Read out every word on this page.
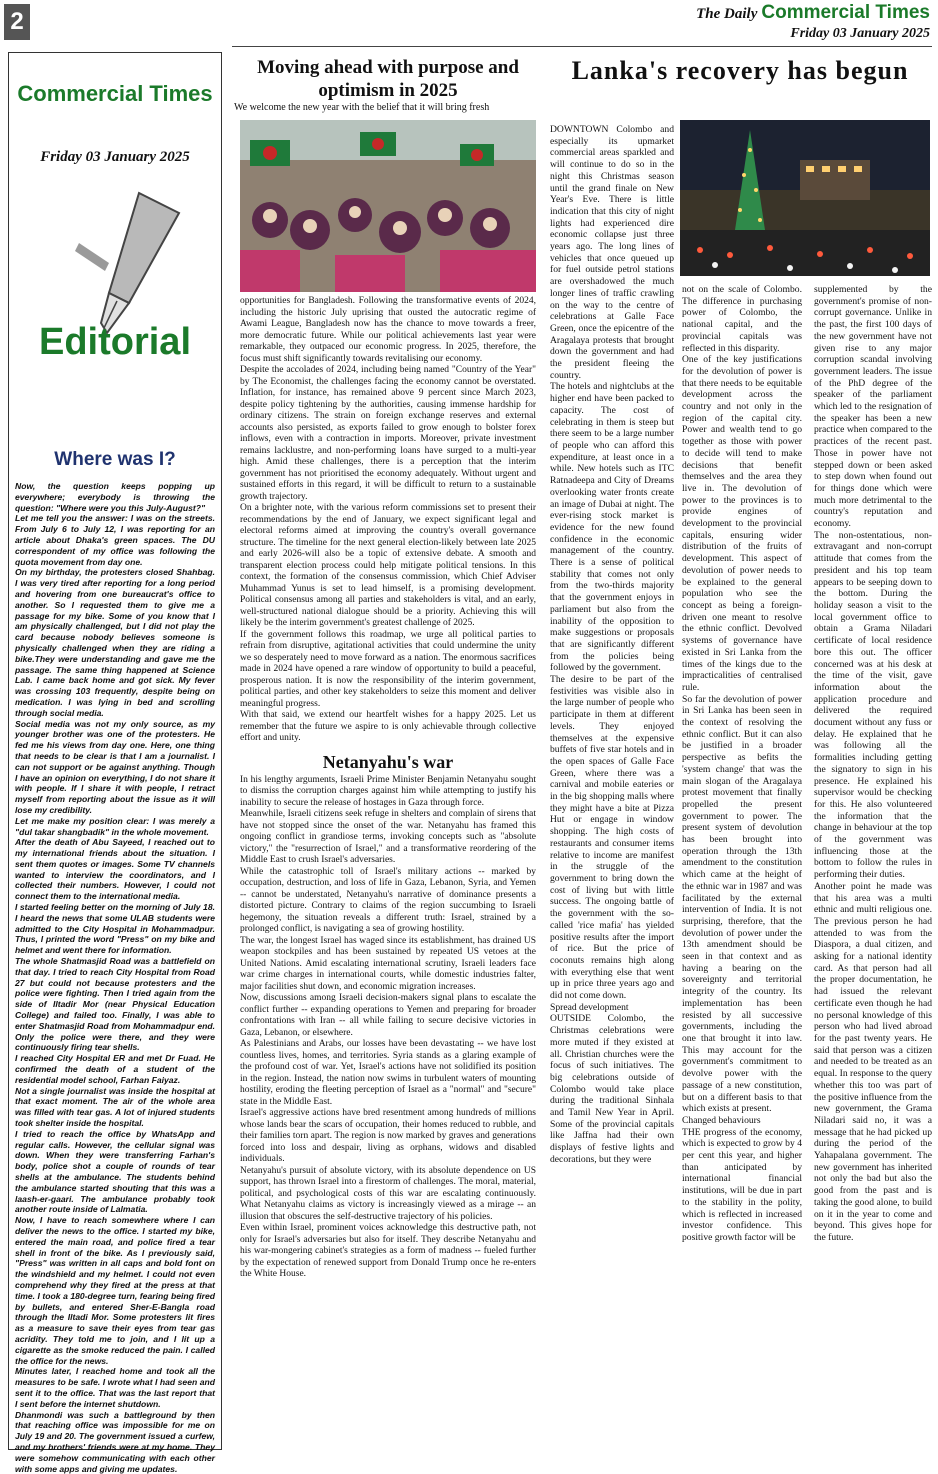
2	The Daily Commercial Times
Friday 03 January 2025
Commercial Times
Friday 03 January 2025
Editorial
Where was I?

Now, the question keeps popping up everywhere; everybody is throwing the question: "Where were you this July-August?"

Let me tell you the answer: I was on the streets. From July 6 to July 12, I was reporting for an article about Dhaka's green spaces. The DU correspondent of my office was following the quota movement from day one.

On my birthday, the protesters closed Shahbag. I was very tired after reporting for a long period and hovering from one bureaucrat's office to another. So I requested them to give me a passage for my bike. Some of you know that I am physically challenged, but I did not play the card because nobody believes someone is physically challenged when they are riding a bike.They were understanding and gave me the passage. The same thing happened at Science Lab. I came back home and got sick. My fever was crossing 103 frequently, despite being on medication. I was lying in bed and scrolling through social media.

Social media was not my only source, as my younger brother was one of the protesters. He fed me his views from day one. Here, one thing that needs to be clear is that I am a journalist. I can not support or be against anything. Though I have an opinion on everything, I do not share it with people. If I share it with people, I retract myself from reporting about the issue as it will lose my credibility.

Let me make my position clear: I was merely a "dul takar shangbadik" in the whole movement.

After the death of Abu Sayeed, I reached out to my international friends about the situation. I sent them quotes or images. Some TV channels wanted to interview the coordinators, and I collected their numbers. However, I could not connect them to the international media.

I started feeling better on the morning of July 18. I heard the news that some ULAB students were admitted to the City Hospital in Mohammadpur. Thus, I printed the word "Press" on my bike and helmet and went there for information.

The whole Shatmasjid Road was a battlefield on that day. I tried to reach City Hospital from Road 27 but could not because protesters and the police were fighting. Then I tried again from the side of Iltadir Mor (near Physical Education College) and failed too. Finally, I was able to enter Shatmasjid Road from Mohammadpur end. Only the police were there, and they were continuously firing tear shells.

I reached City Hospital ER and met Dr Fuad. He confirmed the death of a student of the residential model school, Farhan Faiyaz.

Not a single journalist was inside the hospital at that exact moment. The air of the whole area was filled with tear gas. A lot of injured students took shelter inside the hospital.

I tried to reach the office by WhatsApp and regular calls. However, the cellular signal was down. When they were transferring Farhan's body, police shot a couple of rounds of tear shells at the ambulance. The students behind the ambulance started shouting that this was a laash-er-gaari. The ambulance probably took another route inside of Lalmatia.

Now, I have to reach somewhere where I can deliver the news to the office. I started my bike, entered the main road, and police fired a tear shell in front of the bike. As I previously said, "Press" was written in all caps and bold font on the windshield and my helmet. I could not even comprehend why they fired at the press at that time. I took a 180-degree turn, fearing being fired by bullets, and entered Sher-E-Bangla road through the Iltadi Mor. Some protesters lit fires as a measure to save their eyes from tear gas acridity. They told me to join, and I lit up a cigarette as the smoke reduced the pain. I called the office for the news.

Minutes later, I reached home and took all the measures to be safe. I wrote what I had seen and sent it to the office. That was the last report that I sent before the internet shutdown.

Dhanmondi was such a battleground by then that reaching office was impossible for me on July 19 and 20. The government issued a curfew, and my brothers' friends were at my home. They were somehow communicating with each other with some apps and giving me updates.

Moving ahead with purpose and optimism in 2025

We welcome the new year with the belief that it will bring fresh

opportunities for Bangladesh. Following the transformative events of 2024, including the historic July uprising that ousted the autocratic regime of Awami League, Bangladesh now has the chance to move towards a freer, more democratic future. While our political achievements last year were remarkable, they outpaced our economic progress. In 2025, therefore, the focus must shift significantly towards revitalising our economy.

Despite the accolades of 2024, including being named "Country of the Year" by The Economist, the challenges facing the economy cannot be overstated. Inflation, for instance, has remained above 9 percent since March 2023, despite policy tightening by the authorities, causing immense hardship for ordinary citizens. The strain on foreign exchange reserves and external accounts also persisted, as exports failed to grow enough to bolster forex inflows, even with a contraction in imports. Moreover, private investment remains lacklustre, and non-performing loans have surged to a multi-year high. Amid these challenges, there is a perception that the interim government has not prioritised the economy adequately. Without urgent and sustained efforts in this regard, it will be difficult to return to a sustainable growth trajectory.

On a brighter note, with the various reform commissions set to present their recommendations by the end of January, we expect significant legal and electoral reforms aimed at improving the country's overall governance structure. The timeline for the next general election-likely between late 2025 and early 2026-will also be a topic of extensive debate. A smooth and transparent election process could help mitigate political tensions. In this context, the formation of the consensus commission, which Chief Adviser Muhammad Yunus is set to lead himself, is a promising development. Political consensus among all parties and stakeholders is vital, and an early, well-structured national dialogue should be a priority. Achieving this will likely be the interim government's greatest challenge of 2025.

If the government follows this roadmap, we urge all political parties to refrain from disruptive, agitational activities that could undermine the unity we so desperately need to move forward as a nation. The enormous sacrifices made in 2024 have opened a rare window of opportunity to build a peaceful, prosperous nation. It is now the responsibility of the interim government, political parties, and other key stakeholders to seize this moment and deliver meaningful progress.

With that said, we extend our heartfelt wishes for a happy 2025. Let us remember that the future we aspire to is only achievable through collective effort and unity.

Netanyahu's war

In his lengthy arguments, Israeli Prime Minister Benjamin Netanyahu sought to dismiss the corruption charges against him while attempting to justify his inability to secure the release of hostages in Gaza through force.

Meanwhile, Israeli citizens seek refuge in shelters and complain of sirens that have not stopped since the onset of the war. Netanyahu has framed this ongoing conflict in grandiose terms, invoking concepts such as "absolute victory," the "resurrection of Israel," and a transformative reordering of the Middle East to crush Israel's adversaries.

While the catastrophic toll of Israel's military actions -- marked by occupation, destruction, and loss of life in Gaza, Lebanon, Syria, and Yemen -- cannot be understated, Netanyahu's narrative of dominance presents a distorted picture. Contrary to claims of the region succumbing to Israeli hegemony, the situation reveals a different truth: Israel, strained by a prolonged conflict, is navigating a sea of growing hostility.

The war, the longest Israel has waged since its establishment, has drained US weapon stockpiles and has been sustained by repeated US vetoes at the United Nations. Amid escalating international scrutiny, Israeli leaders face war crime charges in international courts, while domestic industries falter, major facilities shut down, and economic migration increases.

Now, discussions among Israeli decision-makers signal plans to escalate the conflict further -- expanding operations to Yemen and preparing for broader confrontations with Iran -- all while failing to secure decisive victories in Gaza, Lebanon, or elsewhere.

As Palestinians and Arabs, our losses have been devastating -- we have lost countless lives, homes, and territories. Syria stands as a glaring example of the profound cost of war. Yet, Israel's actions have not solidified its position in the region. Instead, the nation now swims in turbulent waters of mounting hostility, eroding the fleeting perception of Israel as a "normal" and "secure" state in the Middle East.

Israel's aggressive actions have bred resentment among hundreds of millions whose lands bear the scars of occupation, their homes reduced to rubble, and their families torn apart. The region is now marked by graves and generations forced into loss and despair, living as orphans, widows and disabled individuals.

Netanyahu's pursuit of absolute victory, with its absolute dependence on US support, has thrown Israel into a firestorm of challenges. The moral, material, political, and psychological costs of this war are escalating continuously. What Netanyahu claims as victory is increasingly viewed as a mirage -- an illusion that obscures the self-destructive trajectory of his policies.

Even within Israel, prominent voices acknowledge this destructive path, not only for Israel's adversaries but also for itself. They describe Netanyahu and his war-mongering cabinet's strategies as a form of madness -- fueled further by the expectation of renewed support from Donald Trump once he re-enters the White House.

Lanka's recovery has begun

DOWNTOWN Colombo and especially its upmarket commercial areas sparkled and will continue to do so in the night this Christmas season until the grand finale on New Year's Eve. There is little indication that this city of night lights had experienced dire economic collapse just three years ago. The long lines of vehicles that once queued up for fuel outside petrol stations are overshadowed the much longer lines of traffic crawling on the way to the centre of celebrations at Galle Face Green, once the epicentre of the Aragalaya protests that brought down the government and had the president fleeing the country.

The hotels and nightclubs at the higher end have been packed to capacity. The cost of celebrating in them is steep but there seem to be a large number of people who can afford this expenditure, at least once in a while. New hotels such as ITC Ratnadeepa and City of Dreams overlooking water fronts create an image of Dubai at night. The ever-rising stock market is evidence for the new found confidence in the economic management of the country. There is a sense of political stability that comes not only from the two-thirds majority that the government enjoys in parliament but also from the inability of the opposition to make suggestions or proposals that are significantly different from the policies being followed by the government.

The desire to be part of the festivities was visible also in the large number of people who participate in them at different levels. They enjoyed themselves at the expensive buffets of five star hotels and in the open spaces of Galle Face Green, where there was a carnival and mobile eateries or in the big shopping malls where they might have a bite at Pizza Hut or engage in window shopping. The high costs of restaurants and consumer items relative to income are manifest in the struggle of the government to bring down the cost of living but with little success. The ongoing battle of the government with the so-called 'rice mafia' has yielded positive results after the import of rice. But the price of coconuts remains high along with everything else that went up in price three years ago and did not come down.

Spread development

OUTSIDE Colombo, the Christmas celebrations were more muted if they existed at all. Christian churches were the focus of such initiatives. The big celebrations outside of Colombo would take place during the traditional Sinhala and Tamil New Year in April. Some of the provincial capitals like Jaffna had their own displays of festive lights and decorations, but they were

not on the scale of Colombo. The difference in purchasing power of Colombo, the national capital, and the provincial capitals was reflected in this disparity.

One of the key justifications for the devolution of power is that there needs to be equitable development across the country and not only in the region of the capital city. Power and wealth tend to go together as those with power to decide will tend to make decisions that benefit themselves and the area they live in. The devolution of power to the provinces is to provide engines of development to the provincial capitals, ensuring wider distribution of the fruits of development. This aspect of devolution of power needs to be explained to the general population who see the concept as being a foreign-driven one meant to resolve the ethnic conflict. Devolved systems of governance have existed in Sri Lanka from the times of the kings due to the impracticalities of centralised rule.

So far the devolution of power in Sri Lanka has been seen in the context of resolving the ethnic conflict. But it can also be justified in a broader perspective as befits the 'system change' that was the main slogan of the Aragalaya protest movement that finally propelled the present government to power. The present system of devolution has been brought into operation through the 13th amendment to the constitution which came at the height of the ethnic war in 1987 and was facilitated by the external intervention of India. It is not surprising, therefore, that the devolution of power under the 13th amendment should be seen in that context and as having a bearing on the sovereignty and territorial integrity of the country. Its implementation has been resisted by all successive governments, including the one that brought it into law. This may account for the government's commitment to devolve power with the passage of a new constitution, but on a different basis to that which exists at present.

Changed behaviours

THE progress of the economy, which is expected to grow by 4 per cent this year, and higher than anticipated by international financial institutions, will be due in part to the stability in the polity, which is reflected in increased investor confidence. This positive growth factor will be

supplemented by the government's promise of non-corrupt governance. Unlike in the past, the first 100 days of the new government have not given rise to any major corruption scandal involving government leaders. The issue of the PhD degree of the speaker of the parliament which led to the resignation of the speaker has been a new practice when compared to the practices of the recent past. Those in power have not stepped down or been asked to step down when found out for things done which were much more detrimental to the country's reputation and economy.

The non-ostentatious, non-extravagant and non-corrupt attitude that comes from the president and his top team appears to be seeping down to the bottom. During the holiday season a visit to the local government office to obtain a Grama Niladari certificate of local residence bore this out. The officer concerned was at his desk at the time of the visit, gave information about the application procedure and delivered the required document without any fuss or delay. He explained that he was following all the formalities including getting the signatory to sign in his presence. He explained his supervisor would be checking for this. He also volunteered the information that the change in behaviour at the top of the government was influencing those at the bottom to follow the rules in performing their duties.

Another point he made was that his area was a multi ethnic and multi religious one. The previous person he had attended to was from the Diaspora, a dual citizen, and asking for a national identity card. As that person had all the proper documentation, he had issued the relevant certificate even though he had no personal knowledge of this person who had lived abroad for the past twenty years. He said that person was a citizen and needed to be treated as an equal. In response to the query whether this too was part of the positive influence from the new government, the Grama Niladari said no, it was a message that he had picked up during the period of the Yahapalana government. The new government has inherited not only the bad but also the good from the past and is taking the good alone, to build on it in the year to come and beyond. This gives hope for the future.
